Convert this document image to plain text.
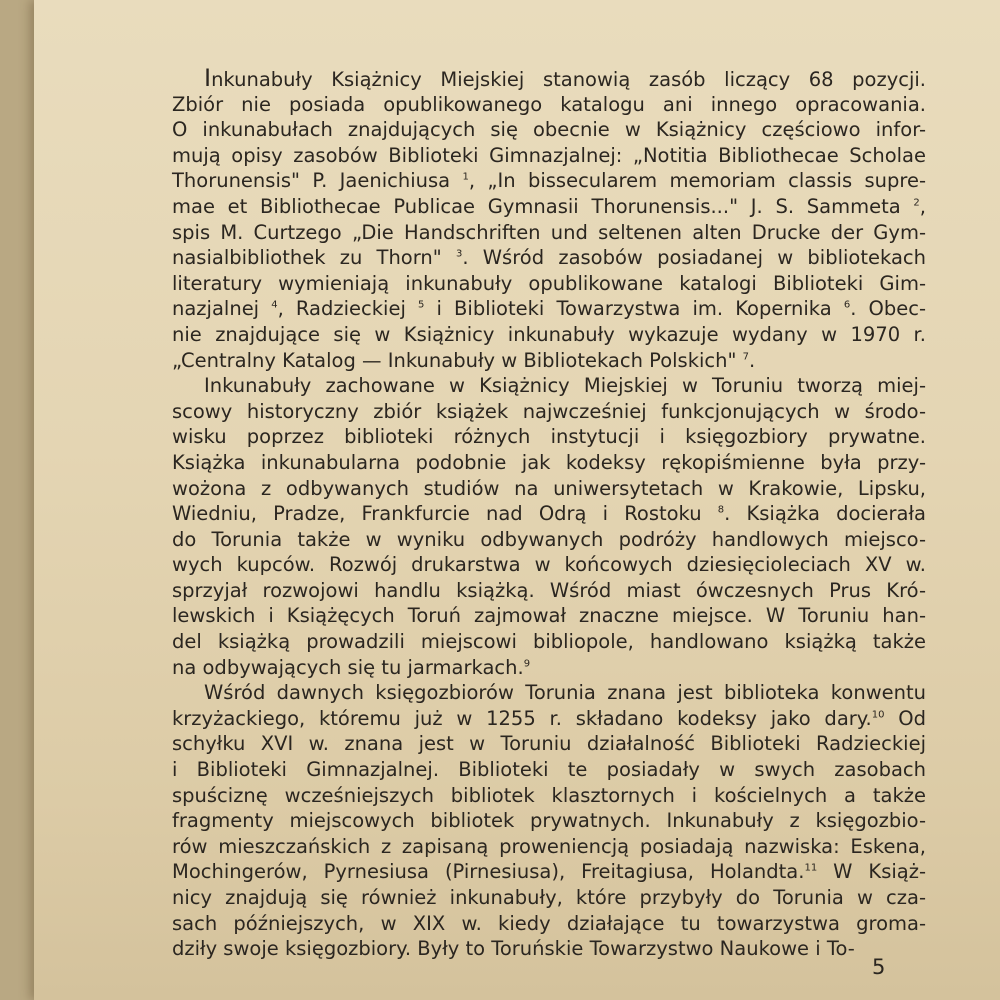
Inkunabuły Książnicy Miejskiej stanowią zasób liczący 68 pozycji.
Zbiór nie posiada opublikowanego katalogu ani innego opracowania.
O inkunabułach znajdujących się obecnie w Książnicy częściowo infor-
mują opisy zasobów Biblioteki Gimnazjalnej: „Notitia Bibliothecae Scholae
Thorunensis" P. Jaenichiusa $^1$, „In bissecularem memoriam classis supre-
mae et Bibliothecae Publicae Gymnasii Thorunensis..." J. S. Sammeta $^2$,
spis M. Curtzego „Die Handschriften und seltenen alten Drucke der Gym-
nasialbibliothek zu Thorn" $^3$. Wśród zasobów posiadanej w bibliotekach
literatury wymieniają inkunabuły opublikowane katalogi Biblioteki Gim-
nazjalnej $^4$, Radzieckiej $^5$ i Biblioteki Towarzystwa im. Kopernika $^6$. Obec-
nie znajdujące się w Książnicy inkunabuły wykazuje wydany w 1970 r.
„Centralny Katalog — Inkunabuły w Bibliotekach Polskich" $^7$.
Inkunabuły zachowane w Książnicy Miejskiej w Toruniu tworzą miej-
scowy historyczny zbiór książek najwcześniej funkcjonujących w środo-
wisku poprzez biblioteki różnych instytucji i księgozbiory prywatne.
Książka inkunabularna podobnie jak kodeksy rękopiśmienne była przy-
wożona z odbywanych studiów na uniwersytetach w Krakowie, Lipsku,
Wiedniu, Pradze, Frankfurcie nad Odrą i Rostoku $^8$. Książka docierała
do Torunia także w wyniku odbywanych podróży handlowych miejsco-
wych kupców. Rozwój drukarstwa w końcowych dziesięcioleciach XV w.
sprzyjał rozwojowi handlu książką. Wśród miast ówczesnych Prus Kró-
lewskich i Książęcych Toruń zajmował znaczne miejsce. W Toruniu han-
del książką prowadzili miejscowi bibliopole, handlowano książką także
na odbywających się tu jarmarkach.$^9$
Wśród dawnych księgozbiorów Torunia znana jest biblioteka konwentu
krzyżackiego, któremu już w 1255 r. składano kodeksy jako dary.$^{10}$ Od
schyłku XVI w. znana jest w Toruniu działalność Biblioteki Radzieckiej
i Biblioteki Gimnazjalnej. Biblioteki te posiadały w swych zasobach
spuściznę wcześniejszych bibliotek klasztornych i kościelnych a także
fragmenty miejscowych bibliotek prywatnych. Inkunabuły z księgozbio-
rów mieszczańskich z zapisaną proweniencją posiadają nazwiska: Eskena,
Mochingerów, Pyrnesiusa (Pirnesiusa), Freitagiusa, Holandta.$^{11}$ W Książ-
nicy znajdują się również inkunabuły, które przybyły do Torunia w cza-
sach późniejszych, w XIX w. kiedy działające tu towarzystwa groma-
dziły swoje księgozbiory. Były to Toruńskie Towarzystwo Naukowe i To-
5
